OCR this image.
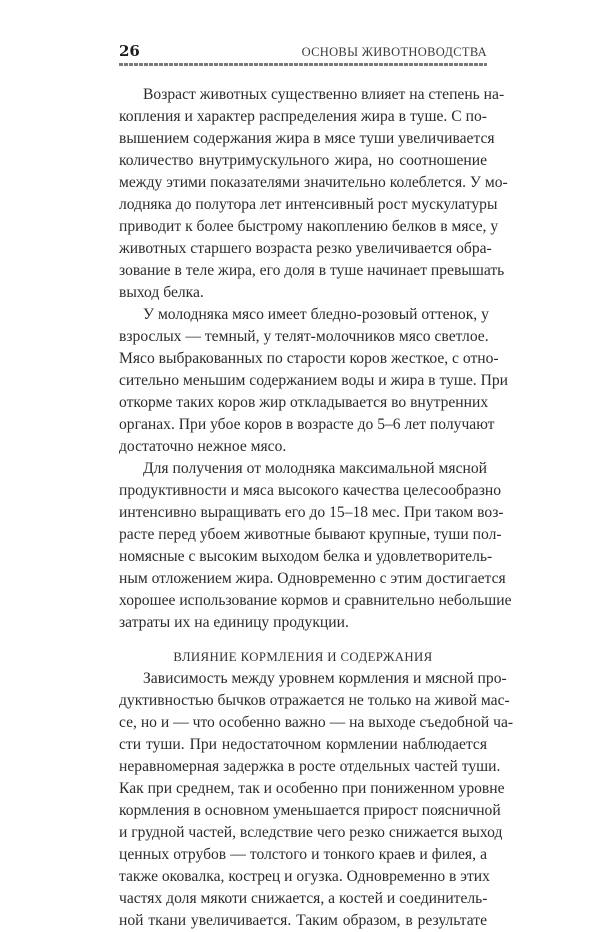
26	ОСНОВЫ ЖИВОТНОВОДСТВА
Возраст животных существенно влияет на степень на-
копления и характер распределения жира в туше. С по-
вышением содержания жира в мясе туши увеличивается
количество внутримускульного жира, но соотношение
между этими показателями значительно колеблется. У мо-
лодняка до полутора лет интенсивный рост мускулатуры
приводит к более быстрому накоплению белков в мясе, у
животных старшего возраста резко увеличивается обра-
зование в теле жира, его доля в туше начинает превышать
выход белка.
У молодняка мясо имеет бледно-розовый оттенок, у
взрослых — темный, у телят-молочников мясо светлое.
Мясо выбракованных по старости коров жесткое, с отно-
сительно меньшим содержанием воды и жира в туше. При
откорме таких коров жир откладывается во внутренних
органах. При убое коров в возрасте до 5–6 лет получают
достаточно нежное мясо.
Для получения от молодняка максимальной мясной
продуктивности и мяса высокого качества целесообразно
интенсивно выращивать его до 15–18 мес. При таком воз-
расте перед убоем животные бывают крупные, туши пол-
номясные с высоким выходом белка и удовлетворитель-
ным отложением жира. Одновременно с этим достигается
хорошее использование кормов и сравнительно небольшие
затраты их на единицу продукции.
ВЛИЯНИЕ КОРМЛЕНИЯ И СОДЕРЖАНИЯ
Зависимость между уровнем кормления и мясной про-
дуктивностью бычков отражается не только на живой мас-
се, но и — что особенно важно — на выходе съедобной ча-
сти туши. При недостаточном кормлении наблюдается
неравномерная задержка в росте отдельных частей туши.
Как при среднем, так и особенно при пониженном уровне
кормления в основном уменьшается прирост поясничной
и грудной частей, вследствие чего резко снижается выход
ценных отрубов — толстого и тонкого краев и филея, а
также оковалка, кострец и огузка. Одновременно в этих
частях доля мякоти снижается, а костей и соединитель-
ной ткани увеличивается. Таким образом, в результате
